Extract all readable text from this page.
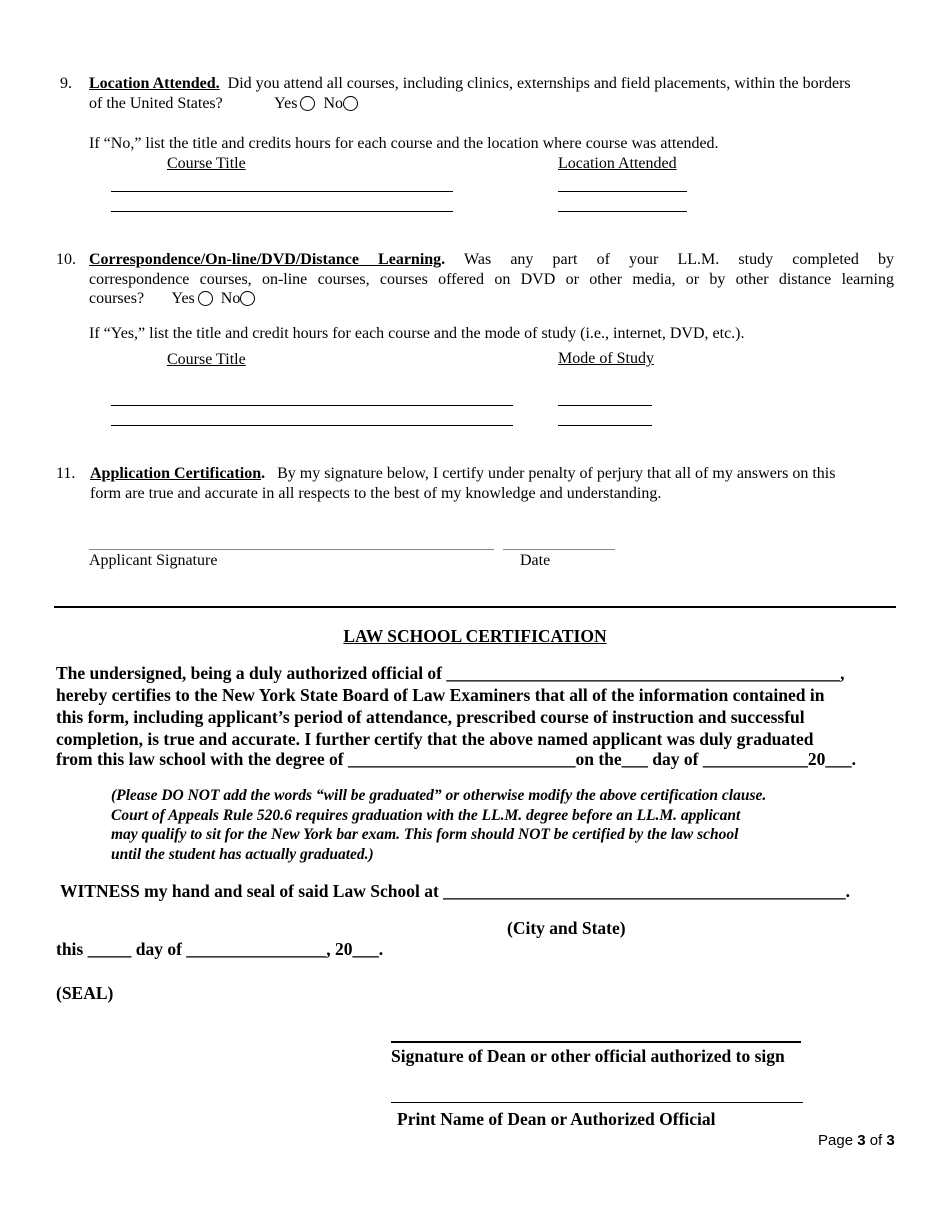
9. Location Attended. Did you attend all courses, including clinics, externships and field placements, within the borders
of the United States?	Yes No
If “No,” list the title and credits hours for each course and the location where course was attended.
Course Title	Location Attended
10. Correspondence/On-line/DVD/Distance Learning. Was any part of your LL.M. study completed by
correspondence courses, on-line courses, courses offered on DVD or other media, or by other distance learning
courses? Yes No
If “Yes,” list the title and credit hours for each course and the mode of study (i.e., internet, DVD, etc.).
Course Title	Mode of Study
11. Application Certification. By my signature below, I certify under penalty of perjury that all of my answers on this
form are true and accurate in all respects to the best of my knowledge and understanding.
Applicant Signature	Date
LAW SCHOOL CERTIFICATION
The undersigned, being a duly authorized official of _____________________________________________,
hereby certifies to the New York State Board of Law Examiners that all of the information contained in
this form, including applicant’s period of attendance, prescribed course of instruction and successful
completion, is true and accurate. I further certify that the above named applicant was duly graduated
from this law school with the degree of __________________________on the___ day of ____________20___.
(Please DO NOT add the words “will be graduated” or otherwise modify the above certification clause.
Court of Appeals Rule 520.6 requires graduation with the LL.M. degree before an LL.M. applicant
may qualify to sit for the New York bar exam. This form should NOT be certified by the law school
until the student has actually graduated.)
WITNESS my hand and seal of said Law School at ______________________________________________.
(City and State)
this _____ day of ________________, 20___.
(SEAL)
Signature of Dean or other official authorized to sign
Print Name of Dean or Authorized Official
Page 3 of 3
